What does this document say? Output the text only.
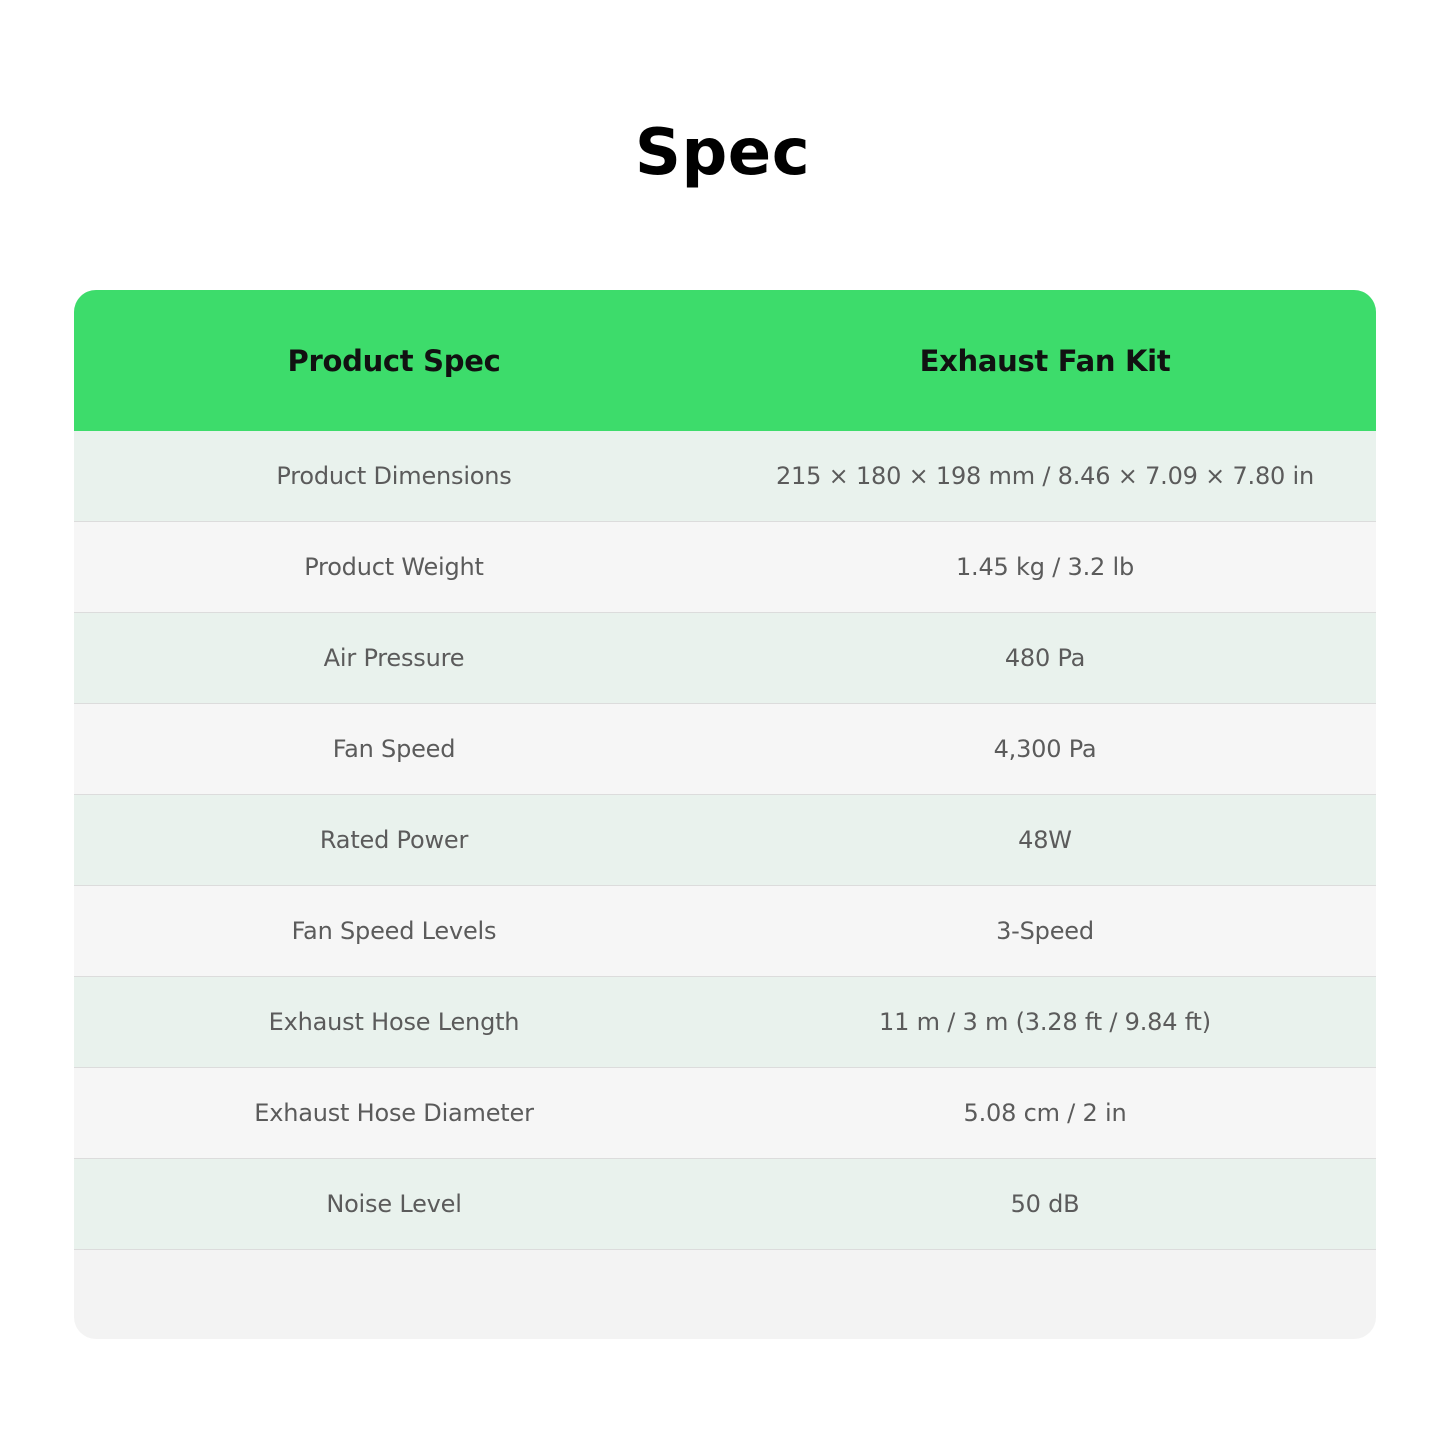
Spec
Product Spec	Exhaust Fan Kit
Product Dimensions	215 × 180 × 198 mm / 8.46 × 7.09 × 7.80 in
Product Weight	1.45 kg / 3.2 lb
Air Pressure	480 Pa
Fan Speed	4,300 Pa
Rated Power	48W
Fan Speed Levels	3-Speed
Exhaust Hose Length	11 m / 3 m (3.28 ft / 9.84 ft)
Exhaust Hose Diameter	5.08 cm / 2 in
Noise Level	50 dB
